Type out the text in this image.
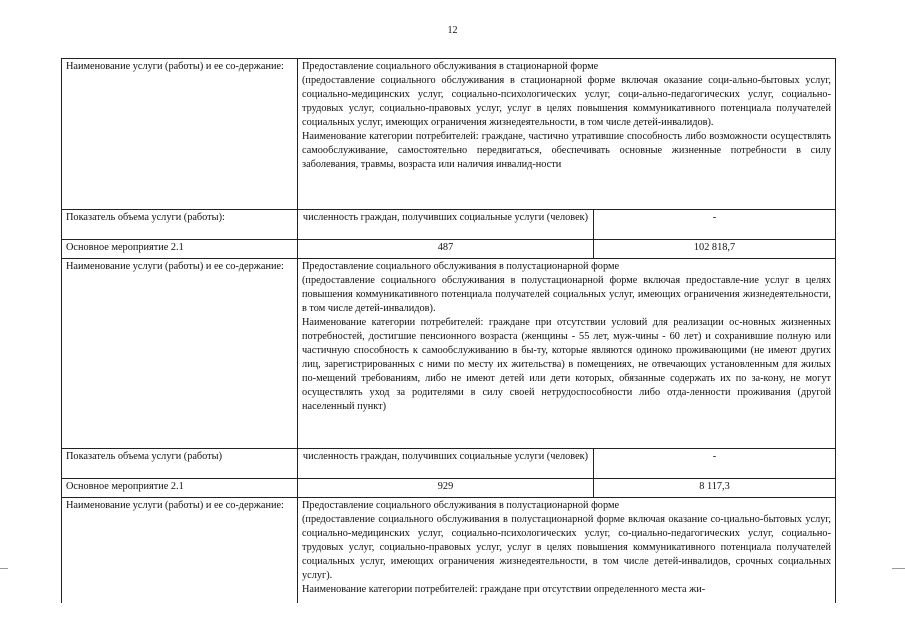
12
Наименование услуги (работы) и ее со-держание:	Предоставление социального обслуживания в стационарной форме
(предоставление социального обслуживания в стационарной форме включая оказание соци-ально-бытовых услуг, социально-медицинских услуг, социально-психологических услуг, соци-ально-педагогических услуг, социально-трудовых услуг, социально-правовых услуг, услуг в целях повышения коммуникативного потенциала получателей социальных услуг, имеющих ограничения жизнедеятельности, в том числе детей-инвалидов).
Наименование категории потребителей: граждане, частично утратившие способность либо возможности осуществлять самообслуживание, самостоятельно передвигаться, обеспечивать основные жизненные потребности в силу заболевания, травмы, возраста или наличия инвалид-ности	

Показатель объема услуги (работы):	численность граждан, получивших социальные услуги (человек)	-
Основное мероприятие 2.1	487	102 818,7
Наименование услуги (работы) и ее со-держание:	Предоставление социального обслуживания в полустационарной форме
(предоставление социального обслуживания в полустационарной форме включая предоставле-ние услуг в целях повышения коммуникативного потенциала получателей социальных услуг, имеющих ограничения жизнедеятельности, в том числе детей-инвалидов).
Наименование категории потребителей: граждане при отсутствии условий для реализации ос-новных жизненных потребностей, достигшие пенсионного возраста (женщины - 55 лет, муж-чины - 60 лет) и сохранившие полную или частичную способность к самообслуживанию в бы-ту, которые являются одиноко проживающими (не имеют других лиц, зарегистрированных с ними по месту их жительства) в помещениях, не отвечающих установленным для жилых по-мещений требованиям, либо не имеют детей или дети которых, обязанные содержать их по за-кону, не могут осуществлять уход за родителями в силу своей нетрудоспособности либо отда-ленности проживания (другой населенный пункт)	

Показатель объема услуги (работы)	численность граждан, получивших социальные услуги (человек)	-
Основное мероприятие 2.1	929	8 117,3
Наименование услуги (работы) и ее со-держание:	Предоставление социального обслуживания в полустационарной форме
(предоставление социального обслуживания в полустационарной форме включая оказание со-циально-бытовых услуг, социально-медицинских услуг, социально-психологических услуг, со-циально-педагогических услуг, социально-трудовых услуг, социально-правовых услуг, услуг в целях повышения коммуникативного потенциала получателей социальных услуг, имеющих ограничения жизнедеятельности, в том числе детей-инвалидов, срочных социальных услуг).
Наименование категории потребителей: граждане при отсутствии определенного места жи-	
